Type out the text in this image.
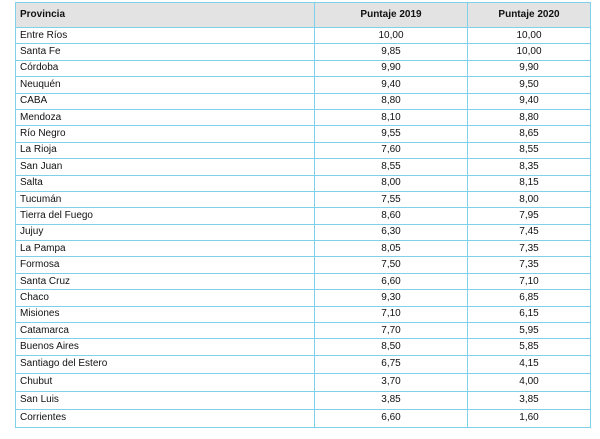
Provincia	Puntaje 2019	Puntaje 2020
Entre Ríos	10,00	10,00
Santa Fe	9,85	10,00
Córdoba	9,90	9,90
Neuquén	9,40	9,50
CABA	8,80	9,40
Mendoza	8,10	8,80
Río Negro	9,55	8,65
La Rioja	7,60	8,55
San Juan	8,55	8,35
Salta	8,00	8,15
Tucumán	7,55	8,00
Tierra del Fuego	8,60	7,95
Jujuy	6,30	7,45
La Pampa	8,05	7,35
Formosa	7,50	7,35
Santa Cruz	6,60	7,10
Chaco	9,30	6,85
Misiones	7,10	6,15
Catamarca	7,70	5,95
Buenos Aires	8,50	5,85
Santiago del Estero	6,75	4,15
Chubut	3,70	4,00
San Luis	3,85	3,85
Corrientes	6,60	1,60
